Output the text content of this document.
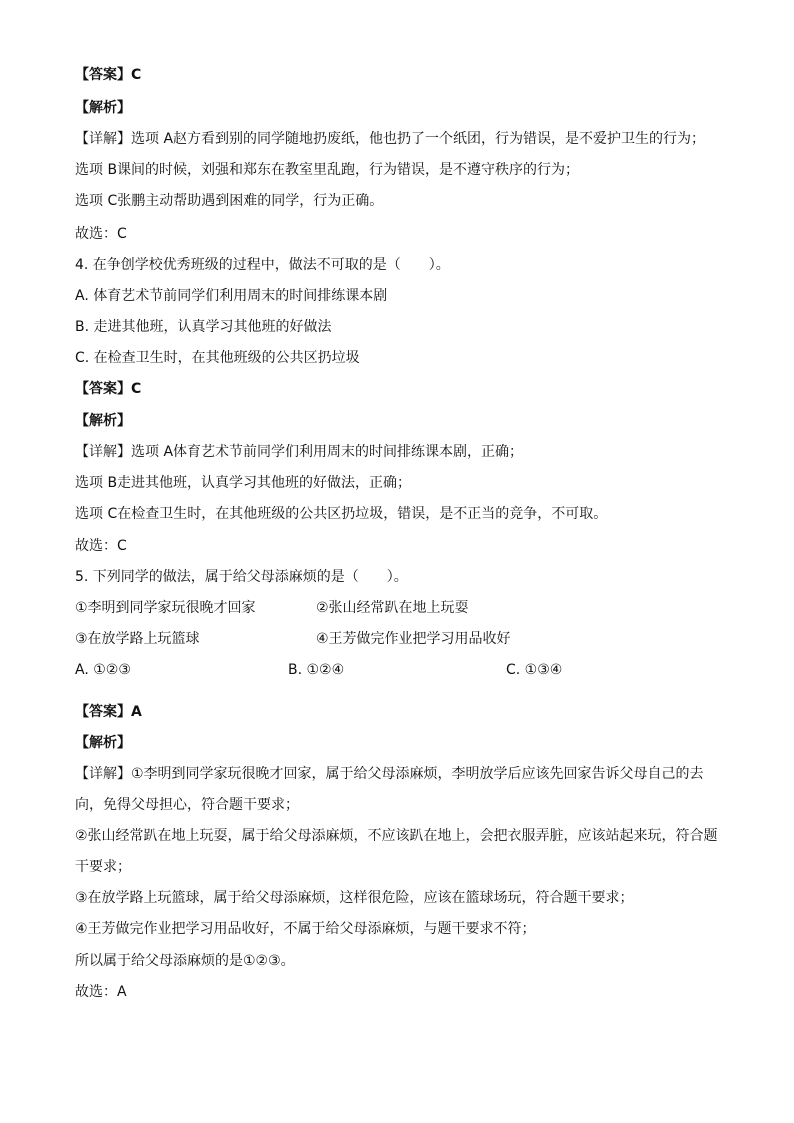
【答案】C
【解析】
【详解】选项 A赵方看到别的同学随地扔废纸，他也扔了一个纸团，行为错误，是不爱护卫生的行为；
选项 B课间的时候，刘强和郑东在教室里乱跑，行为错误，是不遵守秩序的行为；
选项 C张鹏主动帮助遇到困难的同学，行为正确。
故选：C
4. 在争创学校优秀班级的过程中，做法不可取的是（　　）。
A. 体育艺术节前同学们利用周末的时间排练课本剧
B. 走进其他班，认真学习其他班的好做法
C. 在检查卫生时，在其他班级的公共区扔垃圾
【答案】C
【解析】
【详解】选项 A体育艺术节前同学们利用周末的时间排练课本剧，正确；
选项 B走进其他班，认真学习其他班的好做法，正确；
选项 C在检查卫生时，在其他班级的公共区扔垃圾，错误，是不正当的竞争，不可取。
故选：C
5. 下列同学的做法，属于给父母添麻烦的是（　　）。
①李明到同学家玩很晚才回家	②张山经常趴在地上玩耍
③在放学路上玩篮球	④王芳做完作业把学习用品收好
A. ①②③	B. ①②④	C. ①③④
【答案】A
【解析】
【详解】①李明到同学家玩很晚才回家，属于给父母添麻烦，李明放学后应该先回家告诉父母自己的去
向，免得父母担心，符合题干要求；
②张山经常趴在地上玩耍，属于给父母添麻烦，不应该趴在地上，会把衣服弄脏，应该站起来玩，符合题
干要求；
③在放学路上玩篮球，属于给父母添麻烦，这样很危险，应该在篮球场玩，符合题干要求；
④王芳做完作业把学习用品收好，不属于给父母添麻烦，与题干要求不符；
所以属于给父母添麻烦的是①②③。
故选：A
